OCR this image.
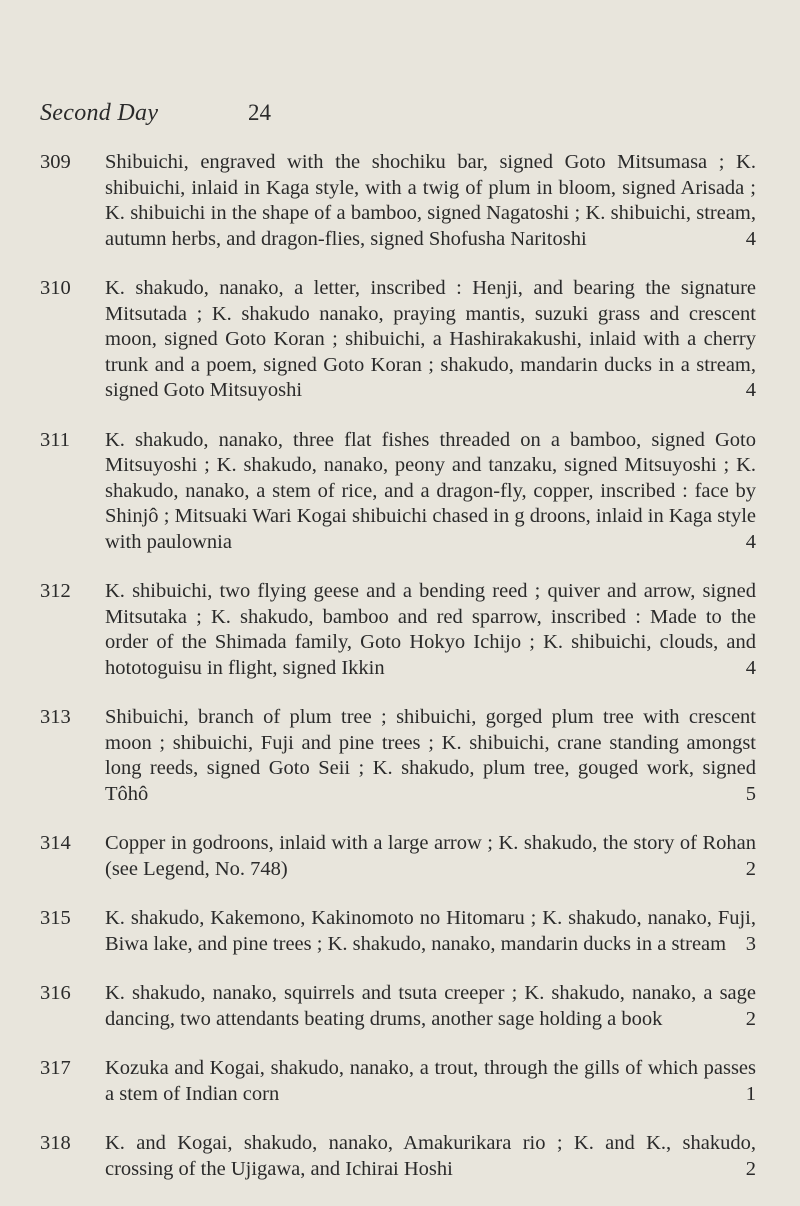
Second Day	24
309	Shibuichi, engraved with the shochiku bar, signed Goto Mitsumasa ; K. shibuichi, inlaid in Kaga style, with a twig of plum in bloom, signed Arisada ; K. shibuichi in the shape of a bamboo, signed Nagatoshi ; K. shibuichi, stream, autumn herbs, and dragon-flies, signed Shofusha Naritoshi	4
310	K. shakudo, nanako, a letter, inscribed : Henji, and bearing the signature Mitsutada ; K. shakudo nanako, praying mantis, suzuki grass and crescent moon, signed Goto Koran ; shibuichi, a Hashirakakushi, inlaid with a cherry trunk and a poem, signed Goto Koran ; shakudo, mandarin ducks in a stream, signed Goto Mitsuyoshi	4
311	K. shakudo, nanako, three flat fishes threaded on a bamboo, signed Goto Mitsuyoshi ; K. shakudo, nanako, peony and tanzaku, signed Mitsuyoshi ; K. shakudo, nanako, a stem of rice, and a dragon-fly, copper, inscribed : face by Shinjô ; Mitsuaki Wari Kogai shibuichi chased in g droons, inlaid in Kaga style with paulownia	4
312	K. shibuichi, two flying geese and a bending reed ; quiver and arrow, signed Mitsutaka ; K. shakudo, bamboo and red sparrow, inscribed : Made to the order of the Shimada family, Goto Hokyo Ichijo ; K. shibuichi, clouds, and hototoguisu in flight, signed Ikkin	4
313	Shibuichi, branch of plum tree ; shibuichi, gorged plum tree with crescent moon ; shibuichi, Fuji and pine trees ; K. shibuichi, crane standing amongst long reeds, signed Goto Seii ; K. shakudo, plum tree, gouged work, signed Tôhô	5
314	Copper in godroons, inlaid with a large arrow ; K. shakudo, the story of Rohan (see Legend, No. 748)	2
315	K. shakudo, Kakemono, Kakinomoto no Hitomaru ; K. shakudo, nanako, Fuji, Biwa lake, and pine trees ; K. shakudo, nanako, mandarin ducks in a stream 3
316	K. shakudo, nanako, squirrels and tsuta creeper ; K. shakudo, nanako, a sage dancing, two attendants beating drums, another sage holding a book	2
317	Kozuka and Kogai, shakudo, nanako, a trout, through the gills of which passes a stem of Indian corn	1
318	K. and Kogai, shakudo, nanako, Amakurikara rio ; K. and K., shakudo, crossing of the Ujigawa, and Ichirai Hoshi	2
